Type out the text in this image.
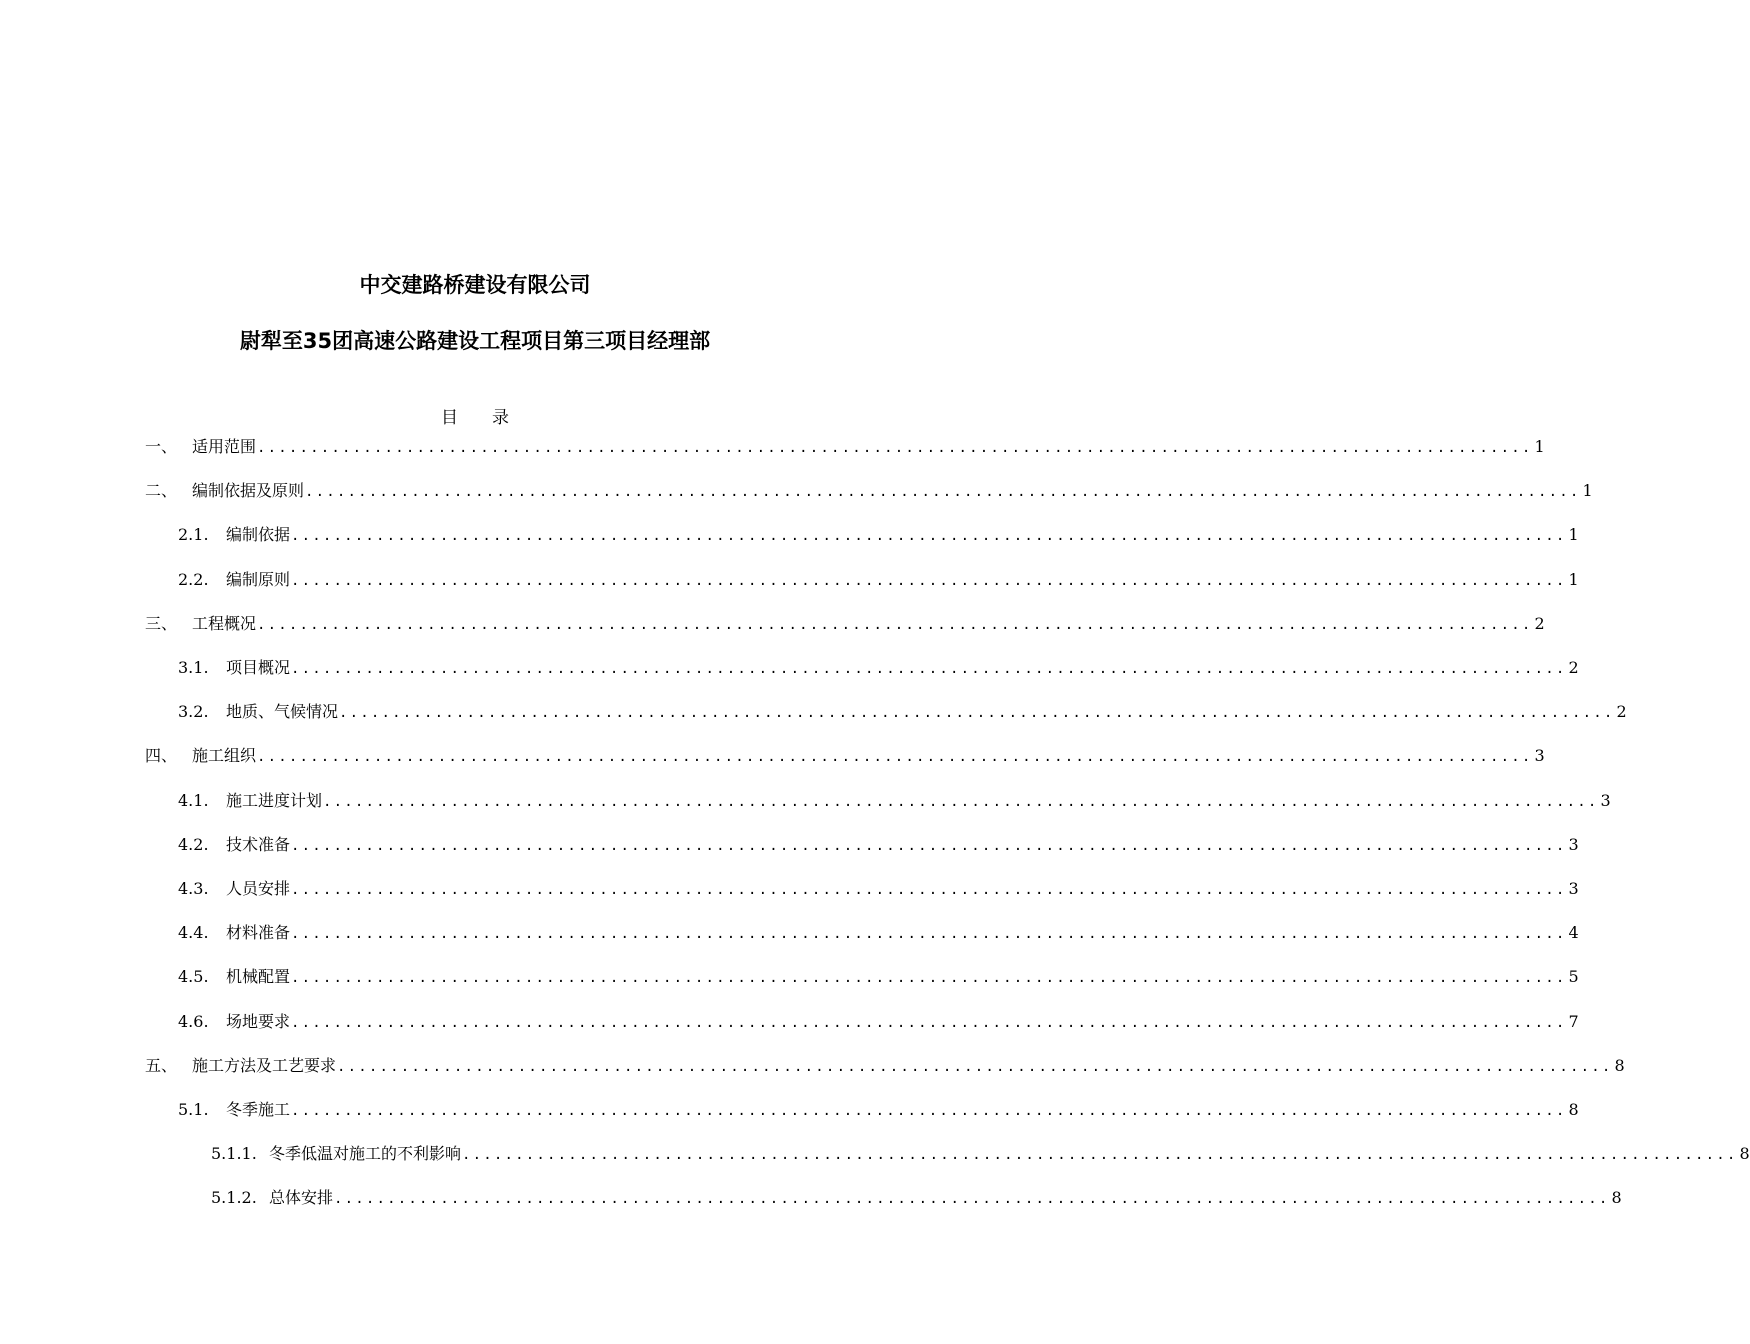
中交建路桥建设有限公司
尉犁至35团高速公路建设工程项目第三项目经理部
目 录
一、 适用范围 ........................................................................................................................ 1
二、 编制依据及原则 ........................................................................................................................ 1
2.1.	编制依据 ........................................................................................................................ 1
2.2.	编制原则 ........................................................................................................................ 1
三、 工程概况 ........................................................................................................................ 2
3.1.	项目概况 ........................................................................................................................ 2
3.2.	地质、气候情况 ........................................................................................................................ 2
四、 施工组织 ........................................................................................................................ 3
4.1.	施工进度计划 ........................................................................................................................ 3
4.2.	技术准备 ........................................................................................................................ 3
4.3.	人员安排 ........................................................................................................................ 3
4.4.	材料准备 ........................................................................................................................ 4
4.5.	机械配置 ........................................................................................................................ 5
4.6.	场地要求 ........................................................................................................................ 7
五、 施工方法及工艺要求 ........................................................................................................................ 8
5.1.	冬季施工 ........................................................................................................................ 8
5.1.1. 冬季低温对施工的不利影响 ........................................................................................................................ 8
5.1.2. 总体安排 ........................................................................................................................ 8
